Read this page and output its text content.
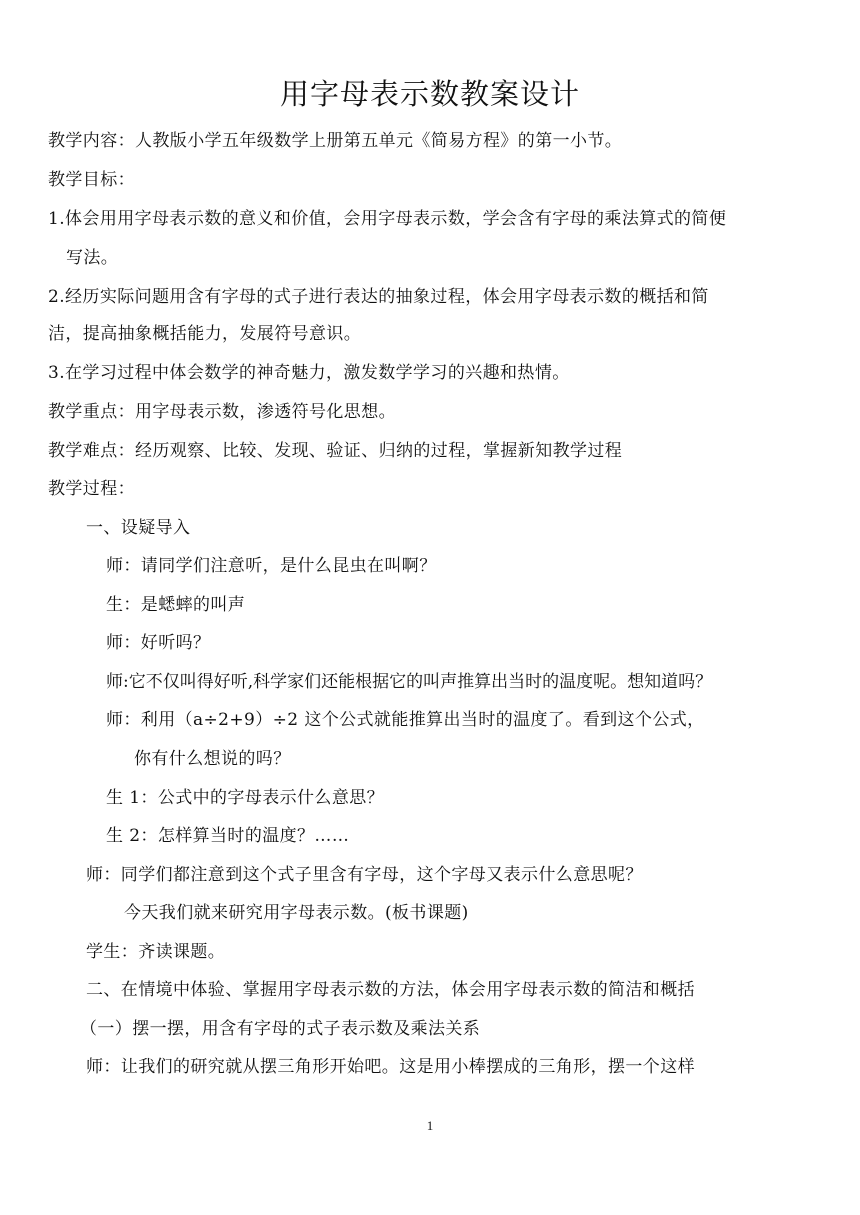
用字母表示数教案设计
教学内容：人教版小学五年级数学上册第五单元《简易方程》的第一小节。
教学目标：
1.体会用用字母表示数的意义和价值，会用字母表示数，学会含有字母的乘法算式的简便
写法。
2.经历实际问题用含有字母的式子进行表达的抽象过程，体会用字母表示数的概括和简
洁，提高抽象概括能力，发展符号意识。
3.在学习过程中体会数学的神奇魅力，激发数学学习的兴趣和热情。
教学重点：用字母表示数，渗透符号化思想。
教学难点：经历观察、比较、发现、验证、归纳的过程，掌握新知教学过程
教学过程：
一、设疑导入
师：请同学们注意听，是什么昆虫在叫啊？
生：是蟋蟀的叫声
师：好听吗？
师:它不仅叫得好听,科学家们还能根据它的叫声推算出当时的温度呢。想知道吗？
师：利用（a÷2+9）÷2 这个公式就能推算出当时的温度了。看到这个公式，
你有什么想说的吗？
生 1：公式中的字母表示什么意思？
生 2：怎样算当时的温度？……
师：同学们都注意到这个式子里含有字母，这个字母又表示什么意思呢？
今天我们就来研究用字母表示数。(板书课题)
学生：齐读课题。
二、在情境中体验、掌握用字母表示数的方法，体会用字母表示数的简洁和概括
（一）摆一摆，用含有字母的式子表示数及乘法关系
师：让我们的研究就从摆三角形开始吧。这是用小棒摆成的三角形，摆一个这样
1
